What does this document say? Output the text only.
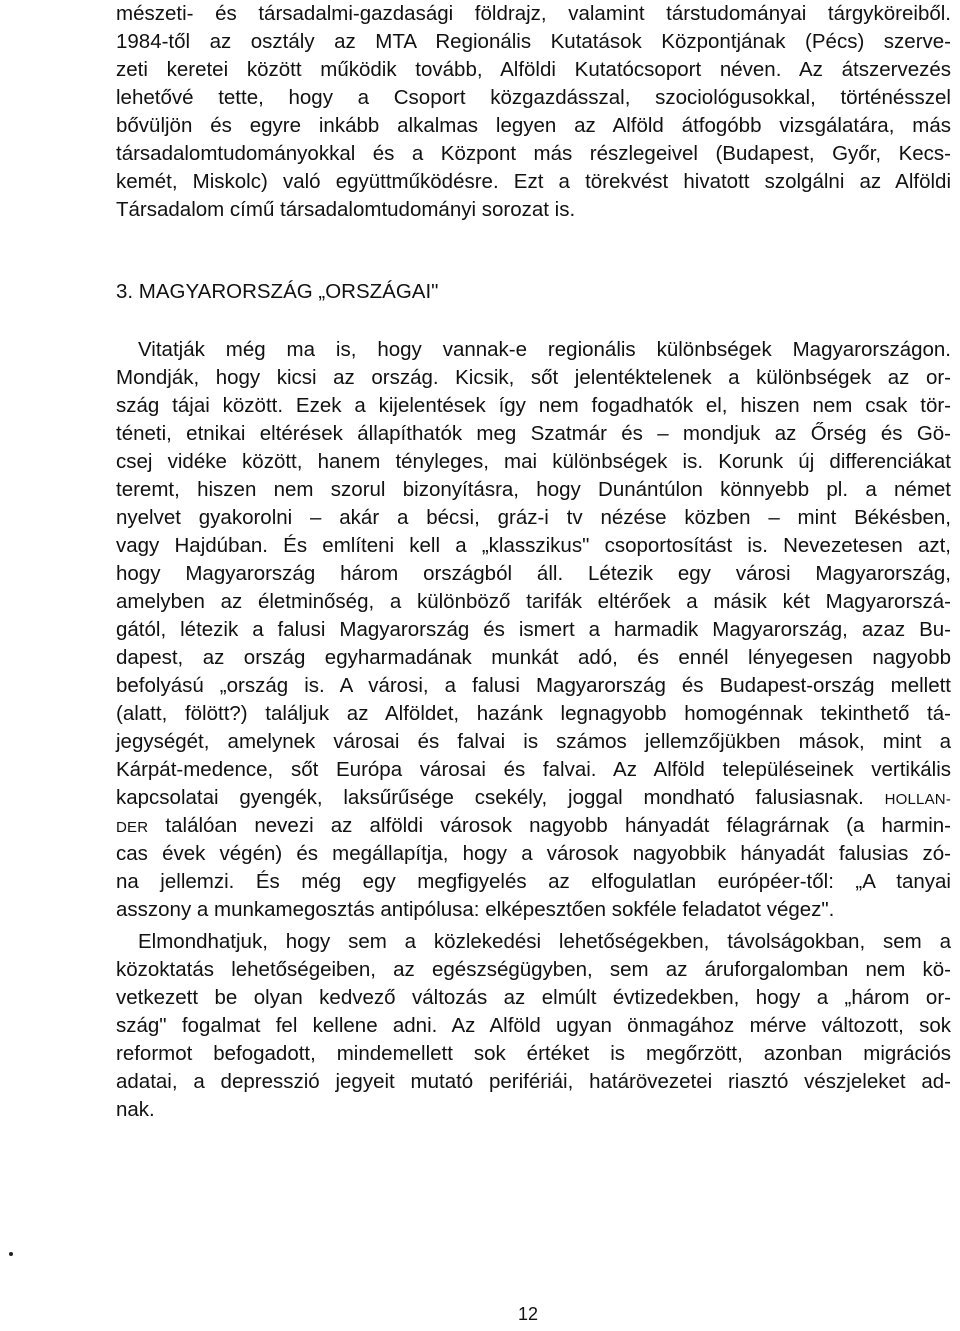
mészeti- és társadalmi-gazdasági földrajz, valamint társtudományai tárgyköreiből.
1984-től az osztály az MTA Regionális Kutatások Központjának (Pécs) szerve-
zeti keretei között működik tovább, Alföldi Kutatócsoport néven. Az átszervezés
lehetővé tette, hogy a Csoport közgazdásszal, szociológusokkal, történésszel
bővüljön és egyre inkább alkalmas legyen az Alföld átfogóbb vizsgálatára, más
társadalomtudományokkal és a Központ más részlegeivel (Budapest, Győr, Kecs-
kemét, Miskolc) való együttműködésre. Ezt a törekvést hivatott szolgálni az Alföldi
Társadalom című társadalomtudományi sorozat is.
3. MAGYARORSZÁG „ORSZÁGAI"
Vitatják még ma is, hogy vannak-e regionális különbségek Magyarországon.
Mondják, hogy kicsi az ország. Kicsik, sőt jelentéktelenek a különbségek az or-
szág tájai között. Ezek a kijelentések így nem fogadhatók el, hiszen nem csak tör-
téneti, etnikai eltérések állapíthatók meg Szatmár és – mondjuk az Őrség és Gö-
csej vidéke között, hanem tényleges, mai különbségek is. Korunk új differenciákat
teremt, hiszen nem szorul bizonyításra, hogy Dunántúlon könnyebb pl. a német
nyelvet gyakorolni – akár a bécsi, gráz-i tv nézése közben – mint Békésben,
vagy Hajdúban. És említeni kell a „klasszikus" csoportosítást is. Nevezetesen azt,
hogy Magyarország három országból áll. Létezik egy városi Magyarország,
amelyben az életminőség, a különböző tarifák eltérőek a másik két Magyarorszá-
gától, létezik a falusi Magyarország és ismert a harmadik Magyarország, azaz Bu-
dapest, az ország egyharmadának munkát adó, és ennél lényegesen nagyobb
befolyású „ország is. A városi, a falusi Magyarország és Budapest-ország mellett
(alatt, fölött?) találjuk az Alföldet, hazánk legnagyobb homogénnak tekinthető tá-
jegységét, amelynek városai és falvai is számos jellemzőjükben mások, mint a
Kárpát-medence, sőt Európa városai és falvai. Az Alföld településeinek vertikális
kapcsolatai gyengék, laksűrűsége csekély, joggal mondható falusiasnak. HOLLAN-
DER találóan nevezi az alföldi városok nagyobb hányadát félagrárnak (a harmin-
cas évek végén) és megállapítja, hogy a városok nagyobbik hányadát falusias zó-
na jellemzi. És még egy megfigyelés az elfogulatlan európéer-től: „A tanyai
asszony a munkamegosztás antipólusa: elképesztően sokféle feladatot végez".
Elmondhatjuk, hogy sem a közlekedési lehetőségekben, távolságokban, sem a
közoktatás lehetőségeiben, az egészségügyben, sem az áruforgalomban nem kö-
vetkezett be olyan kedvező változás az elmúlt évtizedekben, hogy a „három or-
szág" fogalmat fel kellene adni. Az Alföld ugyan önmagához mérve változott, sok
reformot befogadott, mindemellett sok értéket is megőrzött, azonban migrációs
adatai, a depresszió jegyeit mutató perifériái, határövezetei riasztó vészjeleket ad-
nak.
12
